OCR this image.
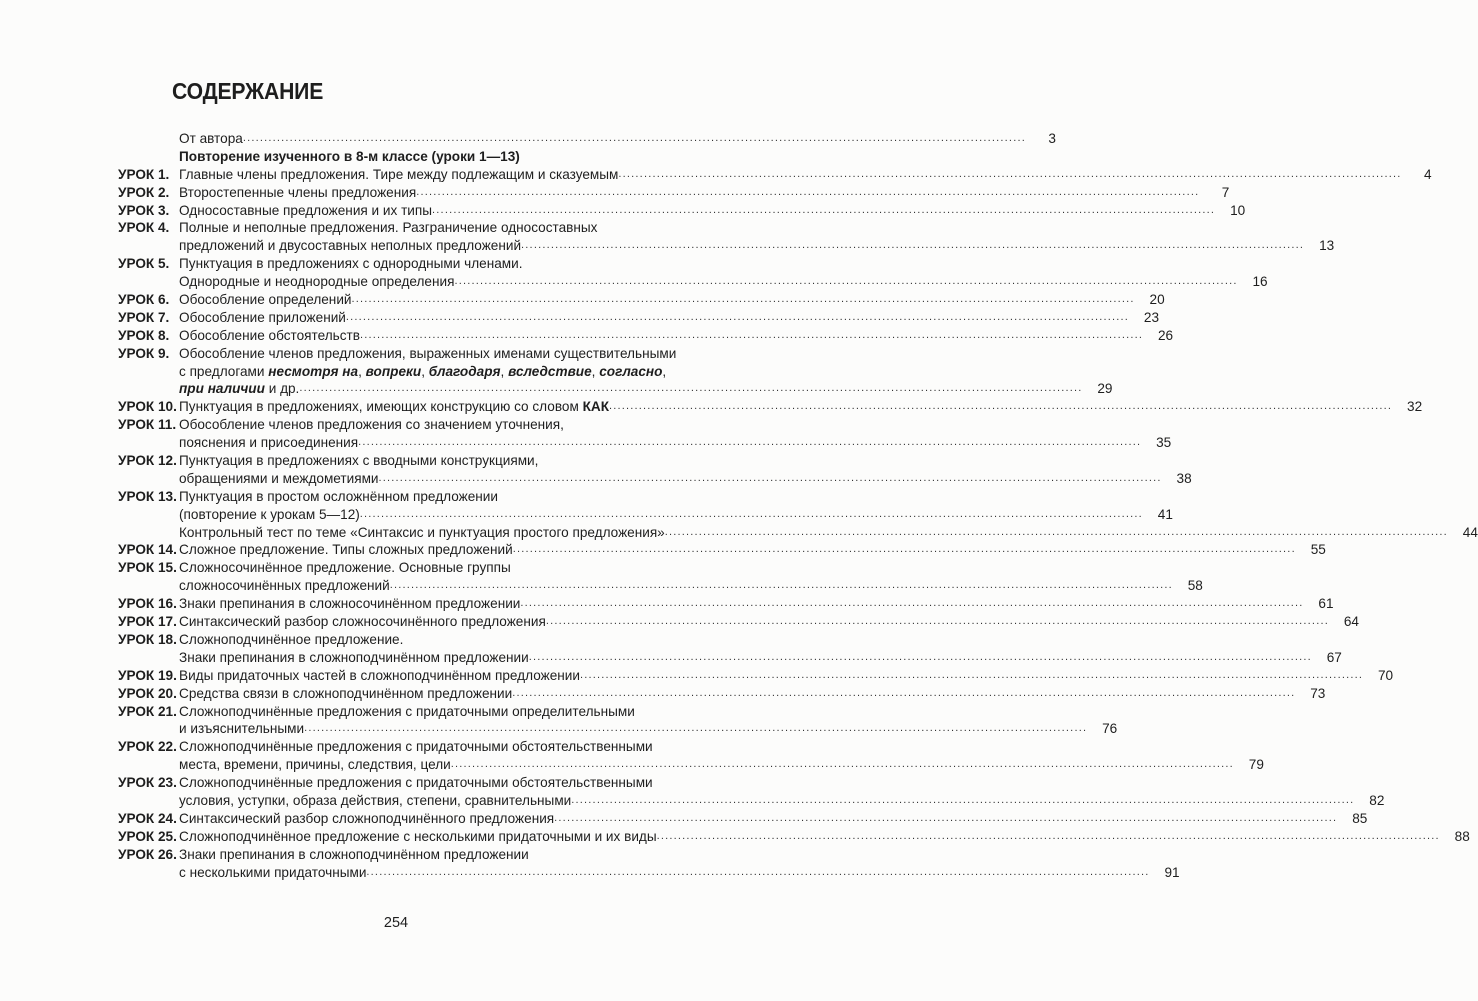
СОДЕРЖАНИЕ
От автора .....	3
Повторение изученного в 8-м классе (уроки 1—13)
УРОК 1. Главные члены предложения. Тире между подлежащим и сказуемым .....	4
УРОК 2. Второстепенные члены предложения .....	7
УРОК 3. Односоставные предложения и их типы .....	10
УРОК 4. Полные и неполные предложения. Разграничение односоставных
предложений и двусоставных неполных предложений .....	13
УРОК 5. Пунктуация в предложениях с однородными членами.
Однородные и неоднородные определения .....	16
УРОК 6. Обособление определений .....	20
УРОК 7. Обособление приложений .....	23
УРОК 8. Обособление обстоятельств .....	26
УРОК 9. Обособление членов предложения, выраженных именами существительными
с предлогами несмотря на, вопреки, благодаря, вследствие, согласно,
при наличии и др. .....	29
УРОК 10. Пунктуация в предложениях, имеющих конструкцию со словом КАК .....	32
УРОК 11. Обособление членов предложения со значением уточнения,
пояснения и присоединения .....	35
УРОК 12. Пунктуация в предложениях с вводными конструкциями,
обращениями и междометиями .....	38
УРОК 13. Пунктуация в простом осложнённом предложении
(повторение к урокам 5—12) .....	41
Контрольный тест по теме «Синтаксис и пунктуация простого предложения» .....	44
УРОК 14. Сложное предложение. Типы сложных предложений .....	55
УРОК 15. Сложносочинённое предложение. Основные группы
сложносочинённых предложений .....	58
УРОК 16. Знаки препинания в сложносочинённом предложении .....	61
УРОК 17. Синтаксический разбор сложносочинённого предложения .....	64
УРОК 18. Сложноподчинённое предложение.
Знаки препинания в сложноподчинённом предложении .....	67
УРОК 19. Виды придаточных частей в сложноподчинённом предложении .....	70
УРОК 20. Средства связи в сложноподчинённом предложении .....	73
УРОК 21. Сложноподчинённые предложения с придаточными определительными
и изъяснительными .....	76
УРОК 22. Сложноподчинённые предложения с придаточными обстоятельственными
места, времени, причины, следствия, цели .....	79
УРОК 23. Сложноподчинённые предложения с придаточными обстоятельственными
условия, уступки, образа действия, степени, сравнительными .....	82
УРОК 24. Синтаксический разбор сложноподчинённого предложения .....	85
УРОК 25. Сложноподчинённое предложение с несколькими придаточными и их виды .....	88
УРОК 26. Знаки препинания в сложноподчинённом предложении
с несколькими придаточными .....	91
254
